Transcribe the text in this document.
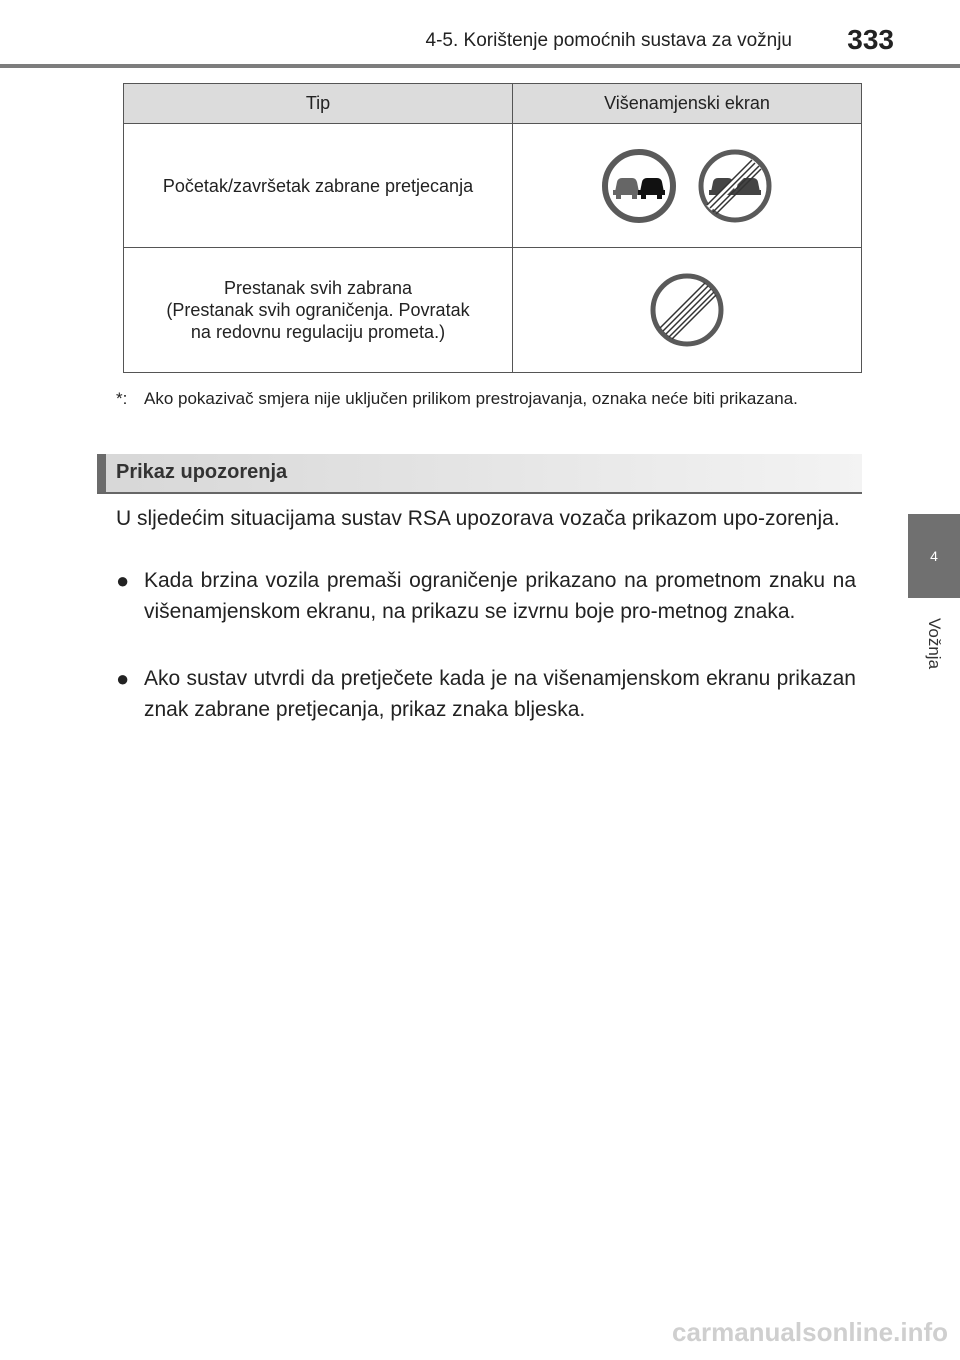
4-5. Korištenje pomoćnih sustava za vožnju 333
4
Vožnja
Tip	Višenamjenski ekran

Početak/završetak zabrane pretjecanja

Prestanak svih zabrana
(Prestanak svih ograničenja. Povratak
na redovnu regulaciju prometa.)

*: Ako pokazivač smjera nije uključen prilikom prestrojavanja, oznaka neće biti prikazana.
Prikaz upozorenja
U sljedećim situacijama sustav RSA upozorava vozača prikazom upo-zorenja.
● Kada brzina vozila premaši ograničenje prikazano na prometnom znaku na višenamjenskom ekranu, na prikazu se izvrnu boje pro-metnog znaka.
● Ako sustav utvrdi da pretječete kada je na višenamjenskom ekranu prikazan znak zabrane pretjecanja, prikaz znaka bljeska.
carmanualsonline.info
